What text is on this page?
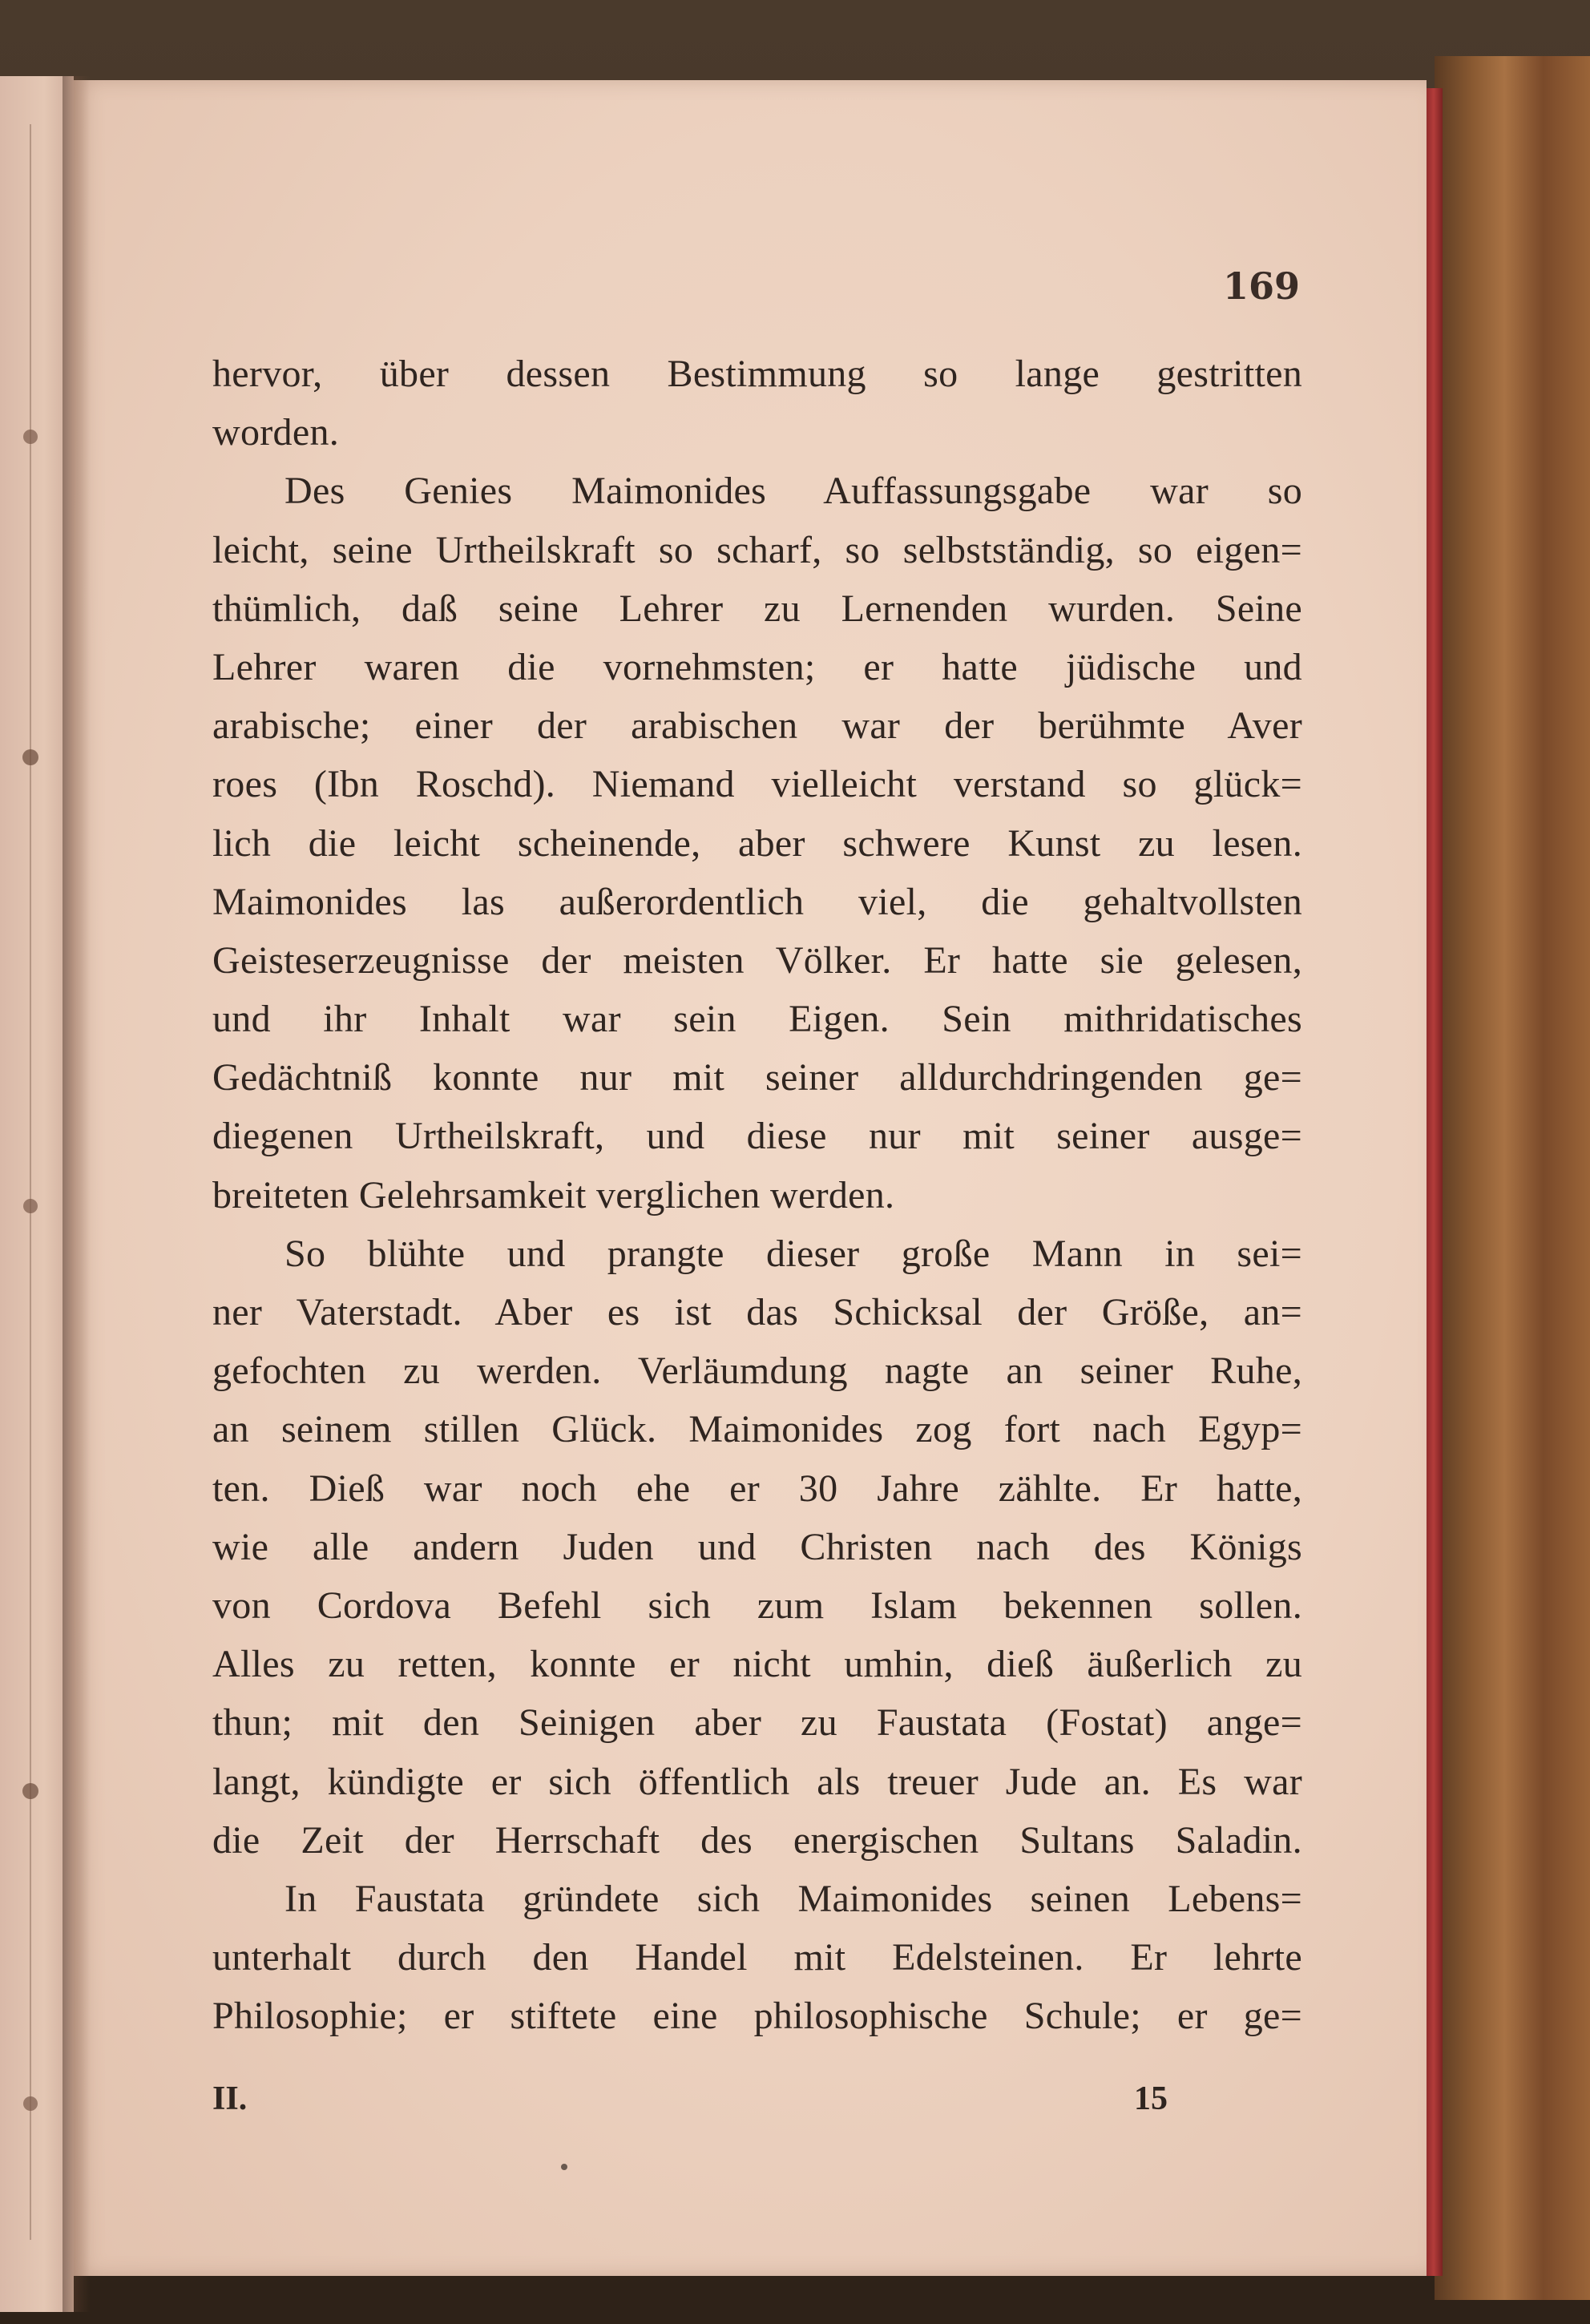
169
hervor, über dessen Bestimmung so lange gestritten
worden.
Des Genies Maimonides Auffassungsgabe war so
leicht, seine Urtheilskraft so scharf, so selbstständig, so eigen=
thümlich, daß seine Lehrer zu Lernenden wurden. Seine
Lehrer waren die vornehmsten; er hatte jüdische und
arabische; einer der arabischen war der berühmte Aver
roes (Ibn Roschd). Niemand vielleicht verstand so glück=
lich die leicht scheinende, aber schwere Kunst zu lesen.
Maimonides las außerordentlich viel, die gehaltvollsten
Geisteserzeugnisse der meisten Völker. Er hatte sie gelesen,
und ihr Inhalt war sein Eigen. Sein mithridatisches
Gedächtniß konnte nur mit seiner alldurchdringenden ge=
diegenen Urtheilskraft, und diese nur mit seiner ausge=
breiteten Gelehrsamkeit verglichen werden.
So blühte und prangte dieser große Mann in sei=
ner Vaterstadt. Aber es ist das Schicksal der Größe, an=
gefochten zu werden. Verläumdung nagte an seiner Ruhe,
an seinem stillen Glück. Maimonides zog fort nach Egyp=
ten. Dieß war noch ehe er 30 Jahre zählte. Er hatte,
wie alle andern Juden und Christen nach des Königs
von Cordova Befehl sich zum Islam bekennen sollen.
Alles zu retten, konnte er nicht umhin, dieß äußerlich zu
thun; mit den Seinigen aber zu Faustata (Fostat) ange=
langt, kündigte er sich öffentlich als treuer Jude an. Es war
die Zeit der Herrschaft des energischen Sultans Saladin.
In Faustata gründete sich Maimonides seinen Lebens=
unterhalt durch den Handel mit Edelsteinen. Er lehrte
Philosophie; er stiftete eine philosophische Schule; er ge=
II.	15
